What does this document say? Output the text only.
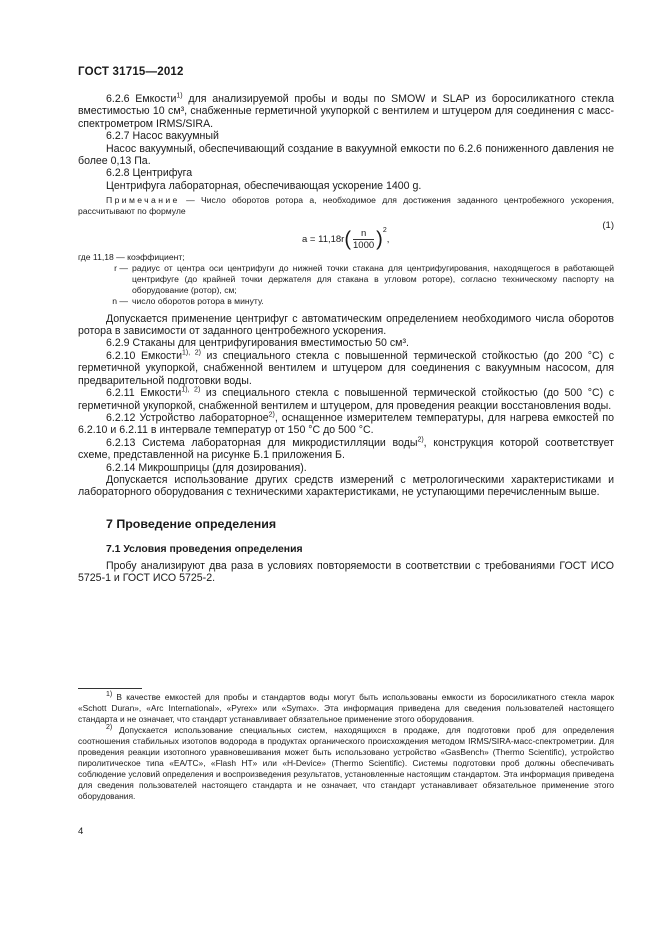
ГОСТ 31715—2012

6.2.6 Емкости$^{1)}$ для анализируемой пробы и воды по SMOW и SLAP из боросиликатного стекла вместимостью 10 см³, снабженные герметичной укупоркой с вентилем и штуцером для соединения с масс-спектрометром IRMS/SIRA.

6.2.7 Насос вакуумный

Насос вакуумный, обеспечивающий создание в вакуумной емкости по 6.2.6 пониженного давления не более 0,13 Па.

6.2.8 Центрифуга

Центрифуга лабораторная, обеспечивающая ускорение 1400 g.

Примечание — Число оборотов ротора a, необходимое для достижения заданного центробежного ускорения, рассчитывают по формуле

$a = 11,18r( \frac{n}{1000} )^2$,
(1)

где 11,18 — коэффициент;

r — радиус от центра оси центрифуги до нижней точки стакана для центрифугирования, находящегося в работающей центрифуге (до крайней точки держателя для стакана в угловом роторе), согласно техническому паспорту на оборудование (ротор), см;
n — число оборотов ротора в минуту.

Допускается применение центрифуг с автоматическим определением необходимого числа оборотов ротора в зависимости от заданного центробежного ускорения.

6.2.9 Стаканы для центрифугирования вместимостью 50 см³.

6.2.10 Емкости$^{1), 2)}$ из специального стекла с повышенной термической стойкостью (до 200 °С) с герметичной укупоркой, снабженной вентилем и штуцером для соединения с вакуумным насосом, для предварительной подготовки воды.

6.2.11 Емкости$^{1), 2)}$ из специального стекла с повышенной термической стойкостью (до 500 °С) с герметичной укупоркой, снабженной вентилем и штуцером, для проведения реакции восстановления воды.

6.2.12 Устройство лабораторное$^{2)}$, оснащенное измерителем температуры, для нагрева емкостей по 6.2.10 и 6.2.11 в интервале температур от 150 °С до 500 °С.

6.2.13 Система лабораторная для микродистилляции воды$^{2)}$, конструкция которой соответствует схеме, представленной на рисунке Б.1 приложения Б.

6.2.14 Микрошприцы (для дозирования).

Допускается использование других средств измерений с метрологическими характеристиками и лабораторного оборудования с техническими характеристиками, не уступающими перечисленным выше.

7 Проведение определения
7.1 Условия проведения определения

Пробу анализируют два раза в условиях повторяемости в соответствии с требованиями ГОСТ ИСО 5725-1 и ГОСТ ИСО 5725-2.

$^{1)}$ В качестве емкостей для пробы и стандартов воды могут быть использованы емкости из боросиликатного стекла марок «Schott Duran», «Arc International», «Pyrex» или «Symax». Эта информация приведена для сведения пользователей настоящего стандарта и не означает, что стандарт устанавливает обязательное применение этого оборудования.

$^{2)}$ Допускается использование специальных систем, находящихся в продаже, для подготовки проб для определения соотношения стабильных изотопов водорода в продуктах органического происхождения методом IRMS/SIRA-масс-спектрометрии. Для проведения реакции изотопного уравновешивания может быть использовано устройство «GasBench» (Thermo Scientific), устройство пиролитическое типа «EA/TC», «Flash HT» или «H-Device» (Thermo Scientific). Системы подготовки проб должны обеспечивать соблюдение условий определения и воспроизведения результатов, установленные настоящим стандартом. Эта информация приведена для сведения пользователей настоящего стандарта и не означает, что стандарт устанавливает обязательное применение этого оборудования.

4
